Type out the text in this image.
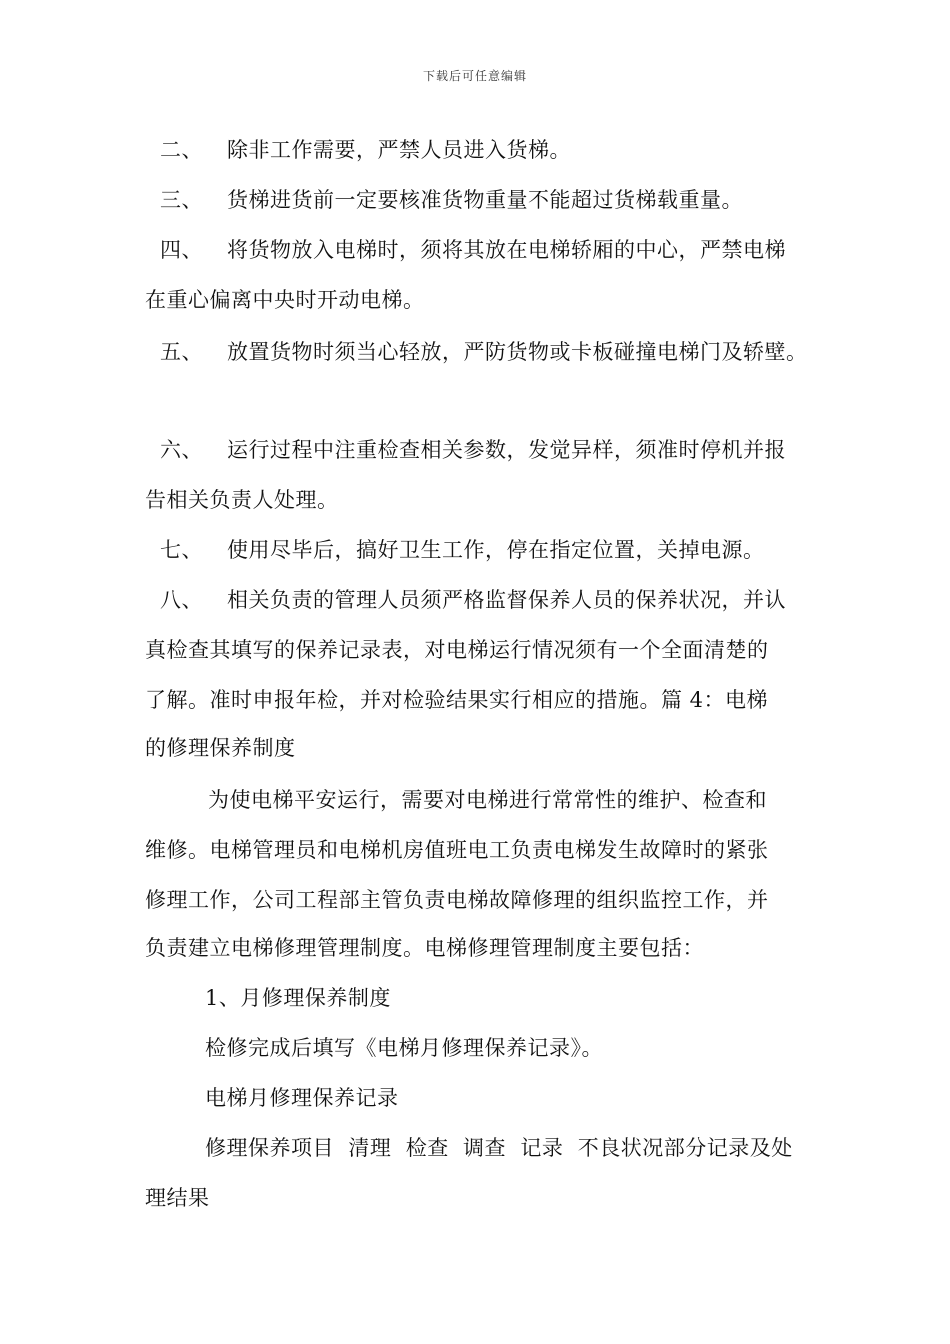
下载后可任意编辑
二、 除非工作需要，严禁人员进入货梯。
三、 货梯进货前一定要核准货物重量不能超过货梯载重量。
四、 将货物放入电梯时，须将其放在电梯轿厢的中心，严禁电梯
在重心偏离中央时开动电梯。
五、 放置货物时须当心轻放，严防货物或卡板碰撞电梯门及轿壁。
六、 运行过程中注重检查相关参数，发觉异样，须准时停机并报
告相关负责人处理。
七、 使用尽毕后，搞好卫生工作，停在指定位置，关掉电源。
八、 相关负责的管理人员须严格监督保养人员的保养状况，并认
真检查其填写的保养记录表，对电梯运行情况须有一个全面清楚的
了解。准时申报年检，并对检验结果实行相应的措施。篇 4：电梯
的修理保养制度
为使电梯平安运行，需要对电梯进行常常性的维护、检查和
维修。电梯管理员和电梯机房值班电工负责电梯发生故障时的紧张
修理工作，公司工程部主管负责电梯故障修理的组织监控工作，并
负责建立电梯修理管理制度。电梯修理管理制度主要包括：
1、月修理保养制度
检修完成后填写《电梯月修理保养记录》。
电梯月修理保养记录
修理保养项目  清理  检查  调查  记录  不良状况部分记录及处
理结果
